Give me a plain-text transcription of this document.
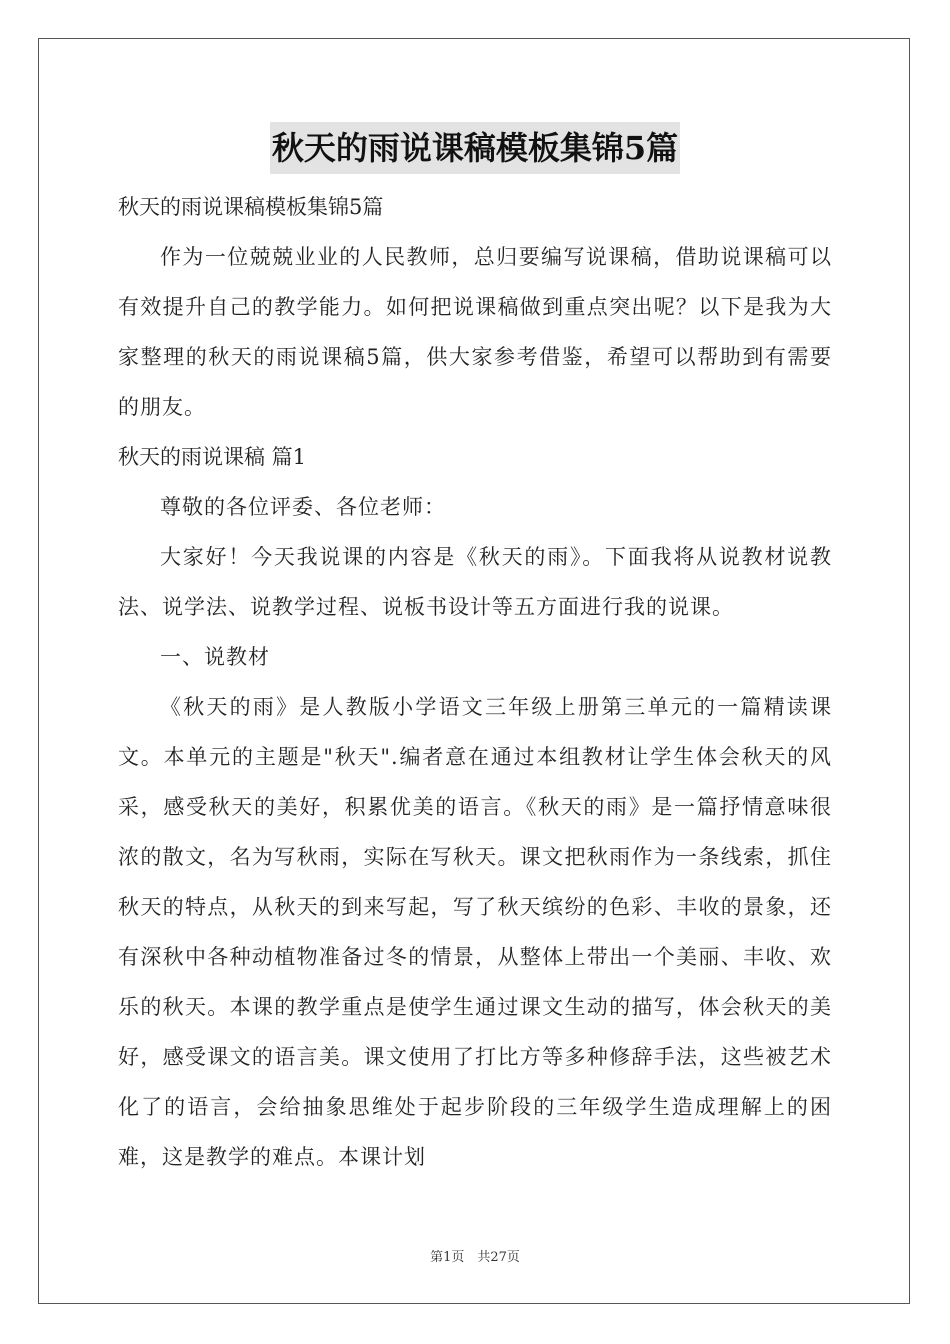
秋天的雨说课稿模板集锦5篇

秋天的雨说课稿模板集锦5篇

作为一位兢兢业业的人民教师，总归要编写说课稿，借助说课稿可以有效提升自己的教学能力。如何把说课稿做到重点突出呢？以下是我为大家整理的秋天的雨说课稿5篇，供大家参考借鉴，希望可以帮助到有需要的朋友。

秋天的雨说课稿 篇1

尊敬的各位评委、各位老师：

大家好！今天我说课的内容是《秋天的雨》。下面我将从说教材说教法、说学法、说教学过程、说板书设计等五方面进行我的说课。

一、说教材

《秋天的雨》是人教版小学语文三年级上册第三单元的一篇精读课文。本单元的主题是"秋天".编者意在通过本组教材让学生体会秋天的风采，感受秋天的美好，积累优美的语言。《秋天的雨》是一篇抒情意味很浓的散文，名为写秋雨，实际在写秋天。课文把秋雨作为一条线索，抓住秋天的特点，从秋天的到来写起，写了秋天缤纷的色彩、丰收的景象，还有深秋中各种动植物准备过冬的情景，从整体上带出一个美丽、丰收、欢乐的秋天。本课的教学重点是使学生通过课文生动的描写，体会秋天的美好，感受课文的语言美。课文使用了打比方等多种修辞手法，这些被艺术化了的语言，会给抽象思维处于起步阶段的三年级学生造成理解上的困难，这是教学的难点。本课计划

第1页　共27页
